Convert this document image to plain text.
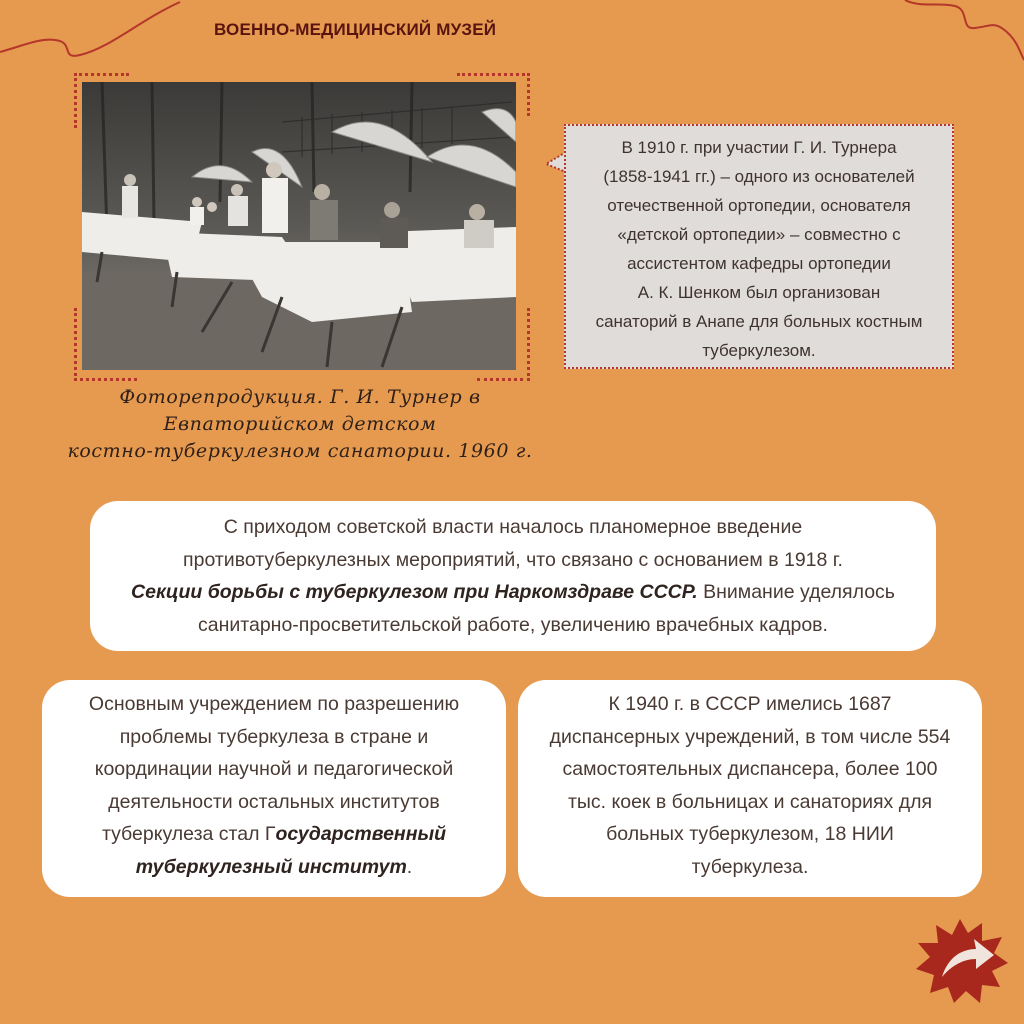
ВОЕННО-МЕДИЦИНСКИЙ МУЗЕЙ
Фоторепродукция. Г. И. Турнер в
Евпаторийском детском
костно-туберкулезном санатории. 1960 г.
В 1910 г. при участии Г. И. Турнера
(1858-1941 гг.) – одного из основателей
отечественной ортопедии, основателя
«детской ортопедии» – совместно с
ассистентом кафедры ортопедии
А. К. Шенком был организован
санаторий в Анапе для больных костным
туберкулезом.
С приходом советской власти началось планомерное введение
противотуберкулезных мероприятий, что связано с основанием в 1918 г.
Секции борьбы с туберкулезом при Наркомздраве СССР. Внимание уделялось
санитарно-просветительской работе, увеличению врачебных кадров.
Основным учреждением по разрешению
проблемы туберкулеза в стране и
координации научной и педагогической
деятельности остальных институтов
туберкулеза стал Государственный
туберкулезный институт.
К 1940 г. в СССР имелись 1687
диспансерных учреждений, в том числе 554
самостоятельных диспансера, более 100
тыс. коек в больницах и санаториях для
больных туберкулезом, 18 НИИ
туберкулеза.
